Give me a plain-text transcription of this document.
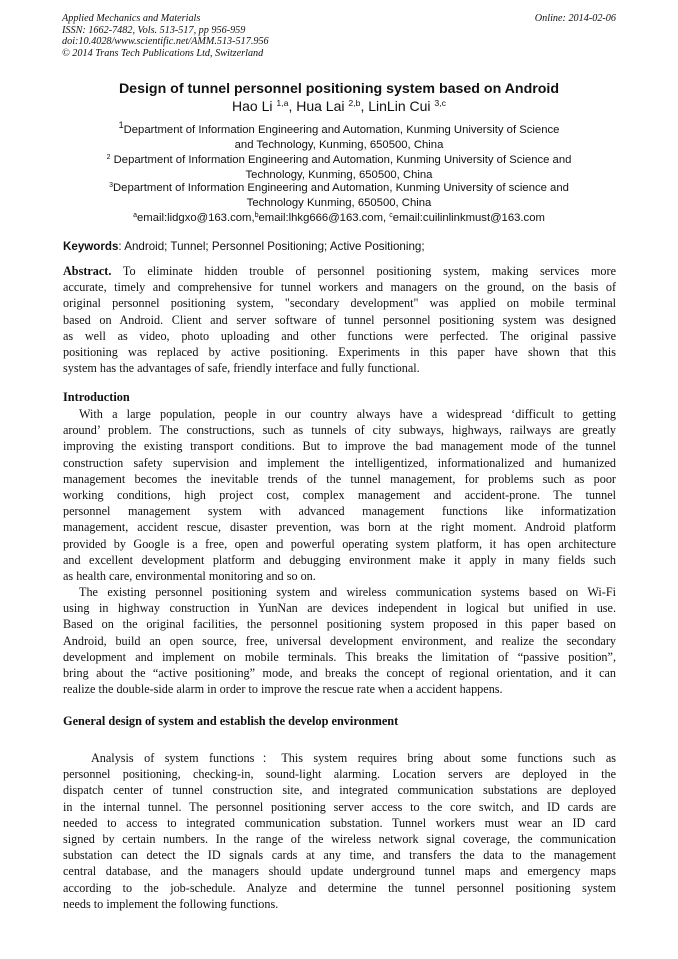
Applied Mechanics and Materials
ISSN: 1662-7482, Vols. 513-517, pp 956-959
doi:10.4028/www.scientific.net/AMM.513-517.956
© 2014 Trans Tech Publications Ltd, Switzerland
Online: 2014-02-06
Design of tunnel personnel positioning system based on Android
Hao Li $^{1,a}$, Hua Lai $^{2,b}$, LinLin Cui $^{3,c}$
$^1$Department of Information Engineering and Automation, Kunming University of Science
and Technology, Kunming, 650500, China
$^2$ Department of Information Engineering and Automation, Kunming University of Science and
Technology, Kunming, 650500, China
$^3$Department of Information Engineering and Automation, Kunming University of science and
Technology Kunming, 650500, China
$^a$email:lidgxo@163.com,$^b$email:lhkg666@163.com, $^c$email:cuilinlinkmust@163.com
Keywords: Android; Tunnel; Personnel Positioning; Active Positioning;
Abstract. To eliminate hidden trouble of personnel positioning system, making services more
accurate, timely and comprehensive for tunnel workers and managers on the ground, on the basis of
original personnel positioning system, "secondary development" was applied on mobile terminal
based on Android. Client and server software of tunnel personnel positioning system was designed
as well as video, photo uploading and other functions were perfected. The original passive
positioning was replaced by active positioning. Experiments in this paper have shown that this
system has the advantages of safe, friendly interface and fully functional.
Introduction
With a large population, people in our country always have a widespread ‘difficult to getting
around’ problem. The constructions, such as tunnels of city subways, highways, railways are greatly
improving the existing transport conditions. But to improve the bad management mode of the tunnel
construction safety supervision and implement the intelligentized, informationalized and humanized
management becomes the inevitable trends of the tunnel management, for problems such as poor
working conditions, high project cost, complex management and accident-prone. The tunnel
personnel management system with advanced management functions like informatization
management, accident rescue, disaster prevention, was born at the right moment. Android platform
provided by Google is a free, open and powerful operating system platform, it has open architecture
and excellent development platform and debugging environment make it apply in many fields such
as health care, environmental monitoring and so on.
The existing personnel positioning system and wireless communication systems based on Wi-Fi
using in highway construction in YunNan are devices independent in logical but unified in use.
Based on the original facilities, the personnel positioning system proposed in this paper based on
Android, build an open source, free, universal development environment, and realize the secondary
development and implement on mobile terminals. This breaks the limitation of “passive position”,
bring about the “active positioning” mode, and breaks the concept of regional orientation, and it can
realize the double-side alarm in order to improve the rescue rate when a accident happens.
General design of system and establish the develop environment
Analysis of system functions：This system requires bring about some functions such as
personnel positioning, checking-in, sound-light alarming. Location servers are deployed in the
dispatch center of tunnel construction site, and integrated communication substations are deployed
in the internal tunnel. The personnel positioning server access to the core switch, and ID cards are
needed to access to integrated communication substation. Tunnel workers must wear an ID card
signed by certain numbers. In the range of the wireless network signal coverage, the communication
substation can detect the ID signals cards at any time, and transfers the data to the management
central database, and the managers should update underground tunnel maps and emergency maps
according to the job-schedule. Analyze and determine the tunnel personnel positioning system
needs to implement the following functions.
